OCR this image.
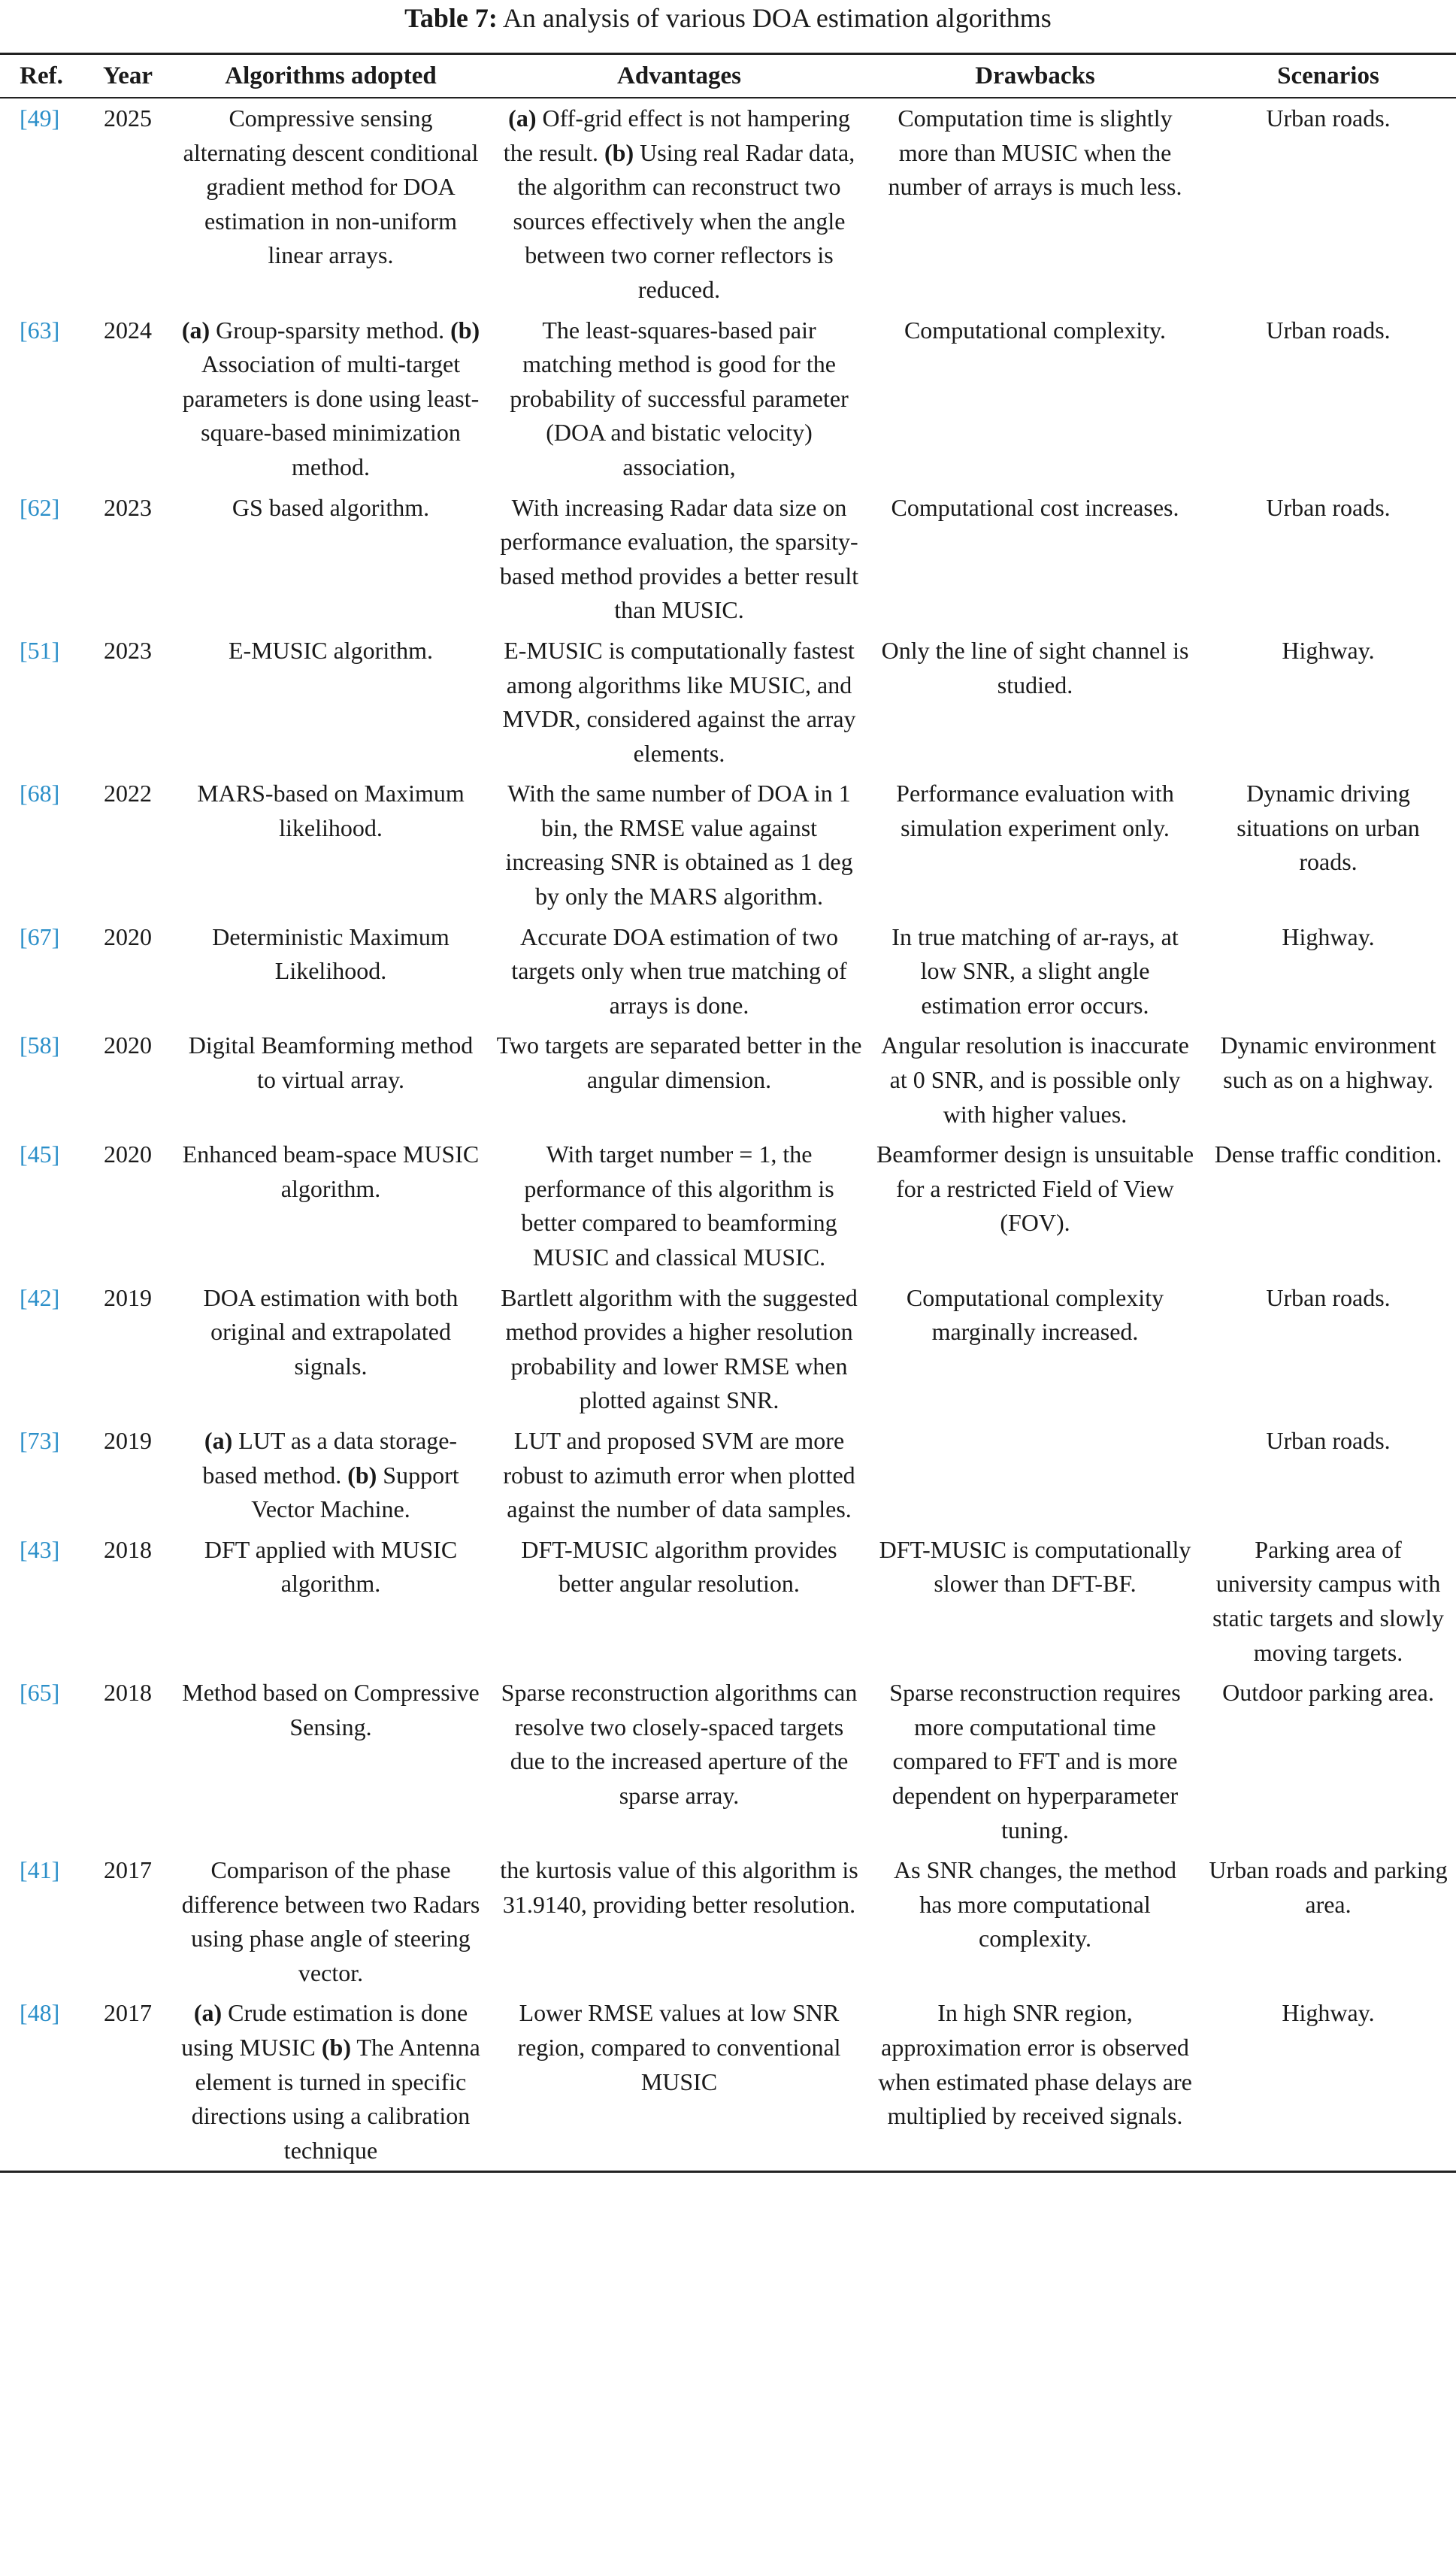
Table 7: An analysis of various DOA estimation algorithms
Ref.	Year	Algorithms adopted	Advantages	Drawbacks	Scenarios
[49]	2025	Compressive sensing alternating descent conditional gradient method for DOA estimation in non-uniform linear arrays.	(a) Off-grid effect is not hampering the result. (b) Using real Radar data, the algorithm can reconstruct two sources effectively when the angle between two corner reflectors is reduced.	Computation time is slightly more than MUSIC when the number of arrays is much less.	Urban roads.
[63]	2024	(a) Group-sparsity method. (b) Association of multi-target parameters is done using least-square-based minimization method.	The least-squares-based pair matching method is good for the probability of successful parameter (DOA and bistatic velocity) association,	Computational complexity.	Urban roads.
[62]	2023	GS based algorithm.	With increasing Radar data size on performance evaluation, the sparsity-based method provides a better result than MUSIC.	Computational cost increases.	Urban roads.
[51]	2023	E-MUSIC algorithm.	E-MUSIC is computationally fastest among algorithms like MUSIC, and MVDR, considered against the array elements.	Only the line of sight channel is studied.	Highway.
[68]	2022	MARS-based on Maximum likelihood.	With the same number of DOA in 1 bin, the RMSE value against increasing SNR is obtained as 1 deg by only the MARS algorithm.	Performance evaluation with simulation experiment only.	Dynamic driving situations on urban roads.
[67]	2020	Deterministic Maximum Likelihood.	Accurate DOA estimation of two targets only when true matching of arrays is done.	In true matching of ar-rays, at low SNR, a slight angle estimation error occurs.	Highway.
[58]	2020	Digital Beamforming method to virtual array.	Two targets are separated better in the angular dimension.	Angular resolution is inaccurate at 0 SNR, and is possible only with higher values.	Dynamic environment such as on a highway.
[45]	2020	Enhanced beam-space MUSIC algorithm.	With target number = 1, the performance of this algorithm is better compared to beamforming MUSIC and classical MUSIC.	Beamformer design is unsuitable for a restricted Field of View (FOV).	Dense traffic condition.
[42]	2019	DOA estimation with both original and extrapolated signals.	Bartlett algorithm with the suggested method provides a higher resolution probability and lower RMSE when plotted against SNR.	Computational complexity marginally increased.	Urban roads.
[73]	2019	(a) LUT as a data storage-based method. (b) Support Vector Machine.	LUT and proposed SVM are more robust to azimuth error when plotted against the number of data samples.		Urban roads.
[43]	2018	DFT applied with MUSIC algorithm.	DFT-MUSIC algorithm provides better angular resolution.	DFT-MUSIC is computationally slower than DFT-BF.	Parking area of university campus with static targets and slowly moving targets.
[65]	2018	Method based on Compressive Sensing.	Sparse reconstruction algorithms can resolve two closely-spaced targets due to the increased aperture of the sparse array.	Sparse reconstruction requires more computational time compared to FFT and is more dependent on hyperparameter tuning.	Outdoor parking area.
[41]	2017	Comparison of the phase difference between two Radars using phase angle of steering vector.	the kurtosis value of this algorithm is 31.9140, providing better resolution.	As SNR changes, the method has more computational complexity.	Urban roads and parking area.
[48]	2017	(a) Crude estimation is done using MUSIC (b) The Antenna element is turned in specific directions using a calibration technique	Lower RMSE values at low SNR region, compared to conventional MUSIC	In high SNR region, approximation error is observed when estimated phase delays are multiplied by received signals.	Highway.
